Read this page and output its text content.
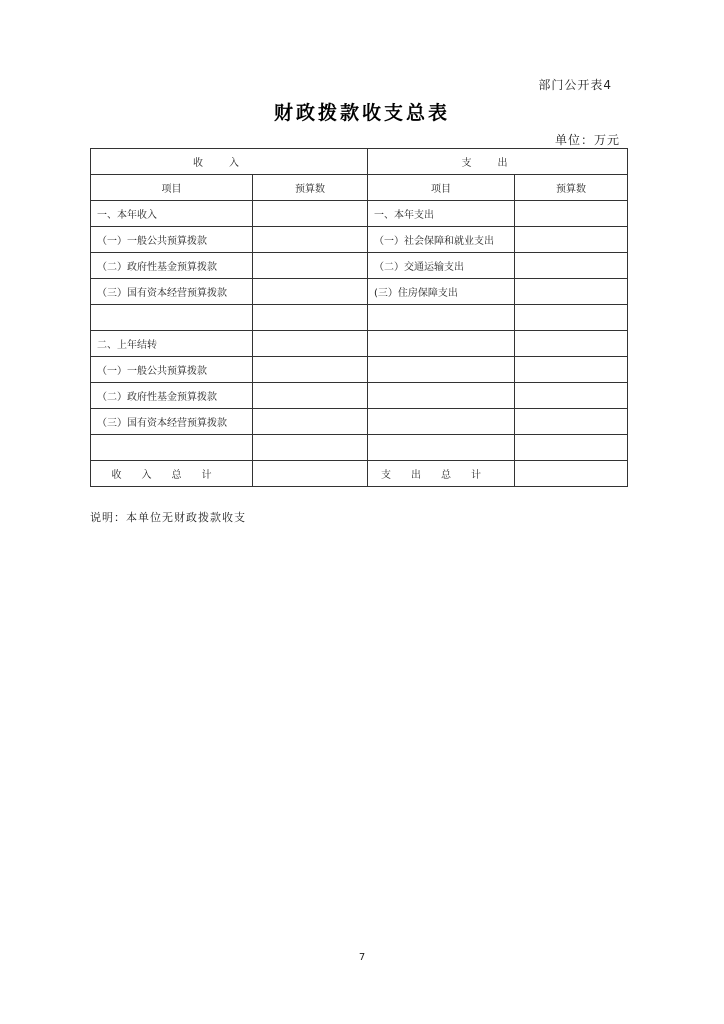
部门公开表4
财政拨款收支总表
单位：万元
收入		支出	
项目	预算数	项目	预算数
一、本年收入		一、本年支出	
（一）一般公共预算拨款		（一）社会保障和就业支出	
（二）政府性基金预算拨款		（二）交通运输支出	
（三）国有资本经营预算拨款		(三）住房保障支出	

二、上年结转			
（一）一般公共预算拨款			
（二）政府性基金预算拨款			
（三）国有资本经营预算拨款			

收入总计		支出总计	
说明：本单位无财政拨款收支
7
